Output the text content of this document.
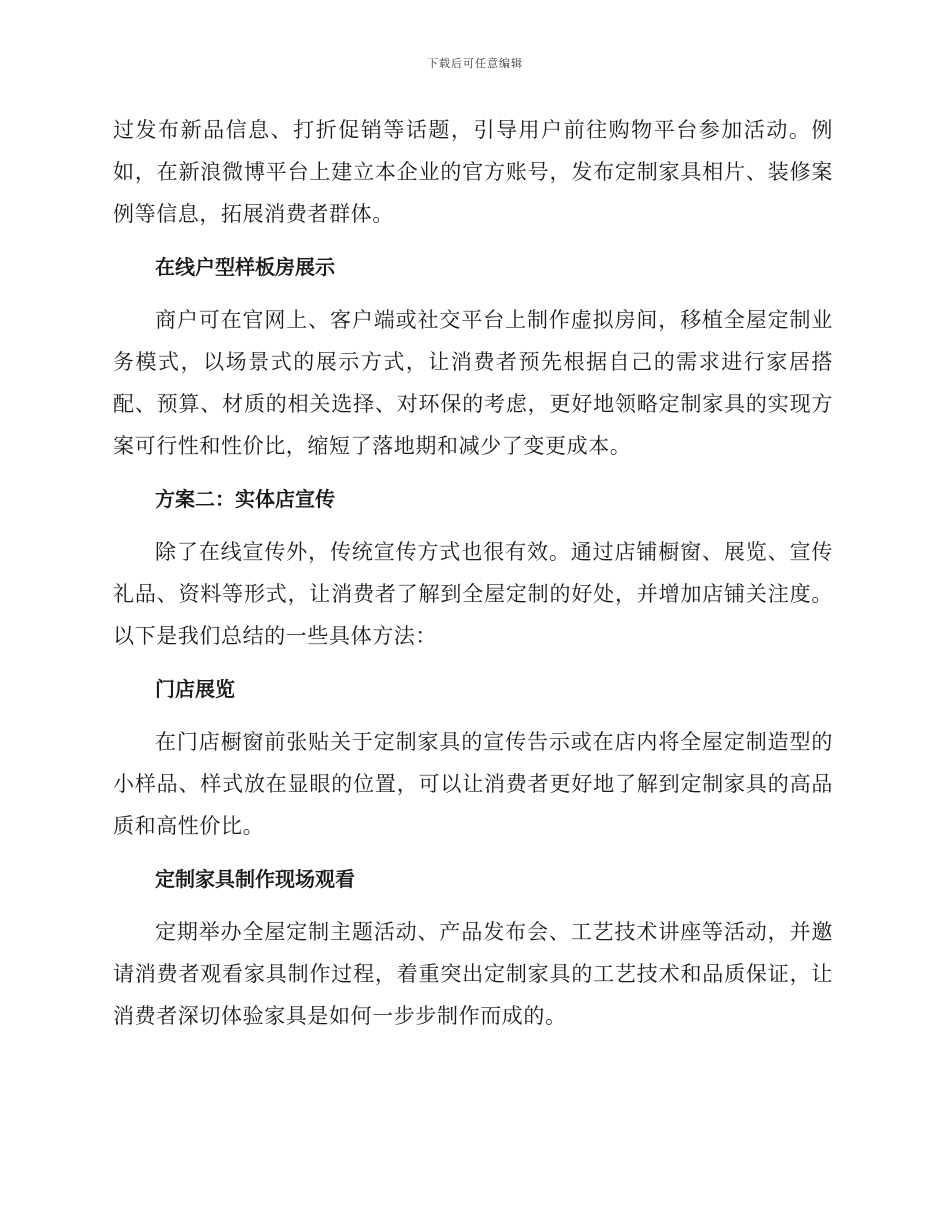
下载后可任意编辑

过发布新品信息、打折促销等话题，引导用户前往购物平台参加活动。例如，在新浪微博平台上建立本企业的官方账号，发布定制家具相片、装修案例等信息，拓展消费者群体。

在线户型样板房展示

商户可在官网上、客户端或社交平台上制作虚拟房间，移植全屋定制业务模式，以场景式的展示方式，让消费者预先根据自己的需求进行家居搭配、预算、材质的相关选择、对环保的考虑，更好地领略定制家具的实现方案可行性和性价比，缩短了落地期和减少了变更成本。

方案二：实体店宣传

除了在线宣传外，传统宣传方式也很有效。通过店铺橱窗、展览、宣传礼品、资料等形式，让消费者了解到全屋定制的好处，并增加店铺关注度。以下是我们总结的一些具体方法：

门店展览

在门店橱窗前张贴关于定制家具的宣传告示或在店内将全屋定制造型的小样品、样式放在显眼的位置，可以让消费者更好地了解到定制家具的高品质和高性价比。

定制家具制作现场观看

定期举办全屋定制主题活动、产品发布会、工艺技术讲座等活动，并邀请消费者观看家具制作过程，着重突出定制家具的工艺技术和品质保证，让消费者深切体验家具是如何一步步制作而成的。
